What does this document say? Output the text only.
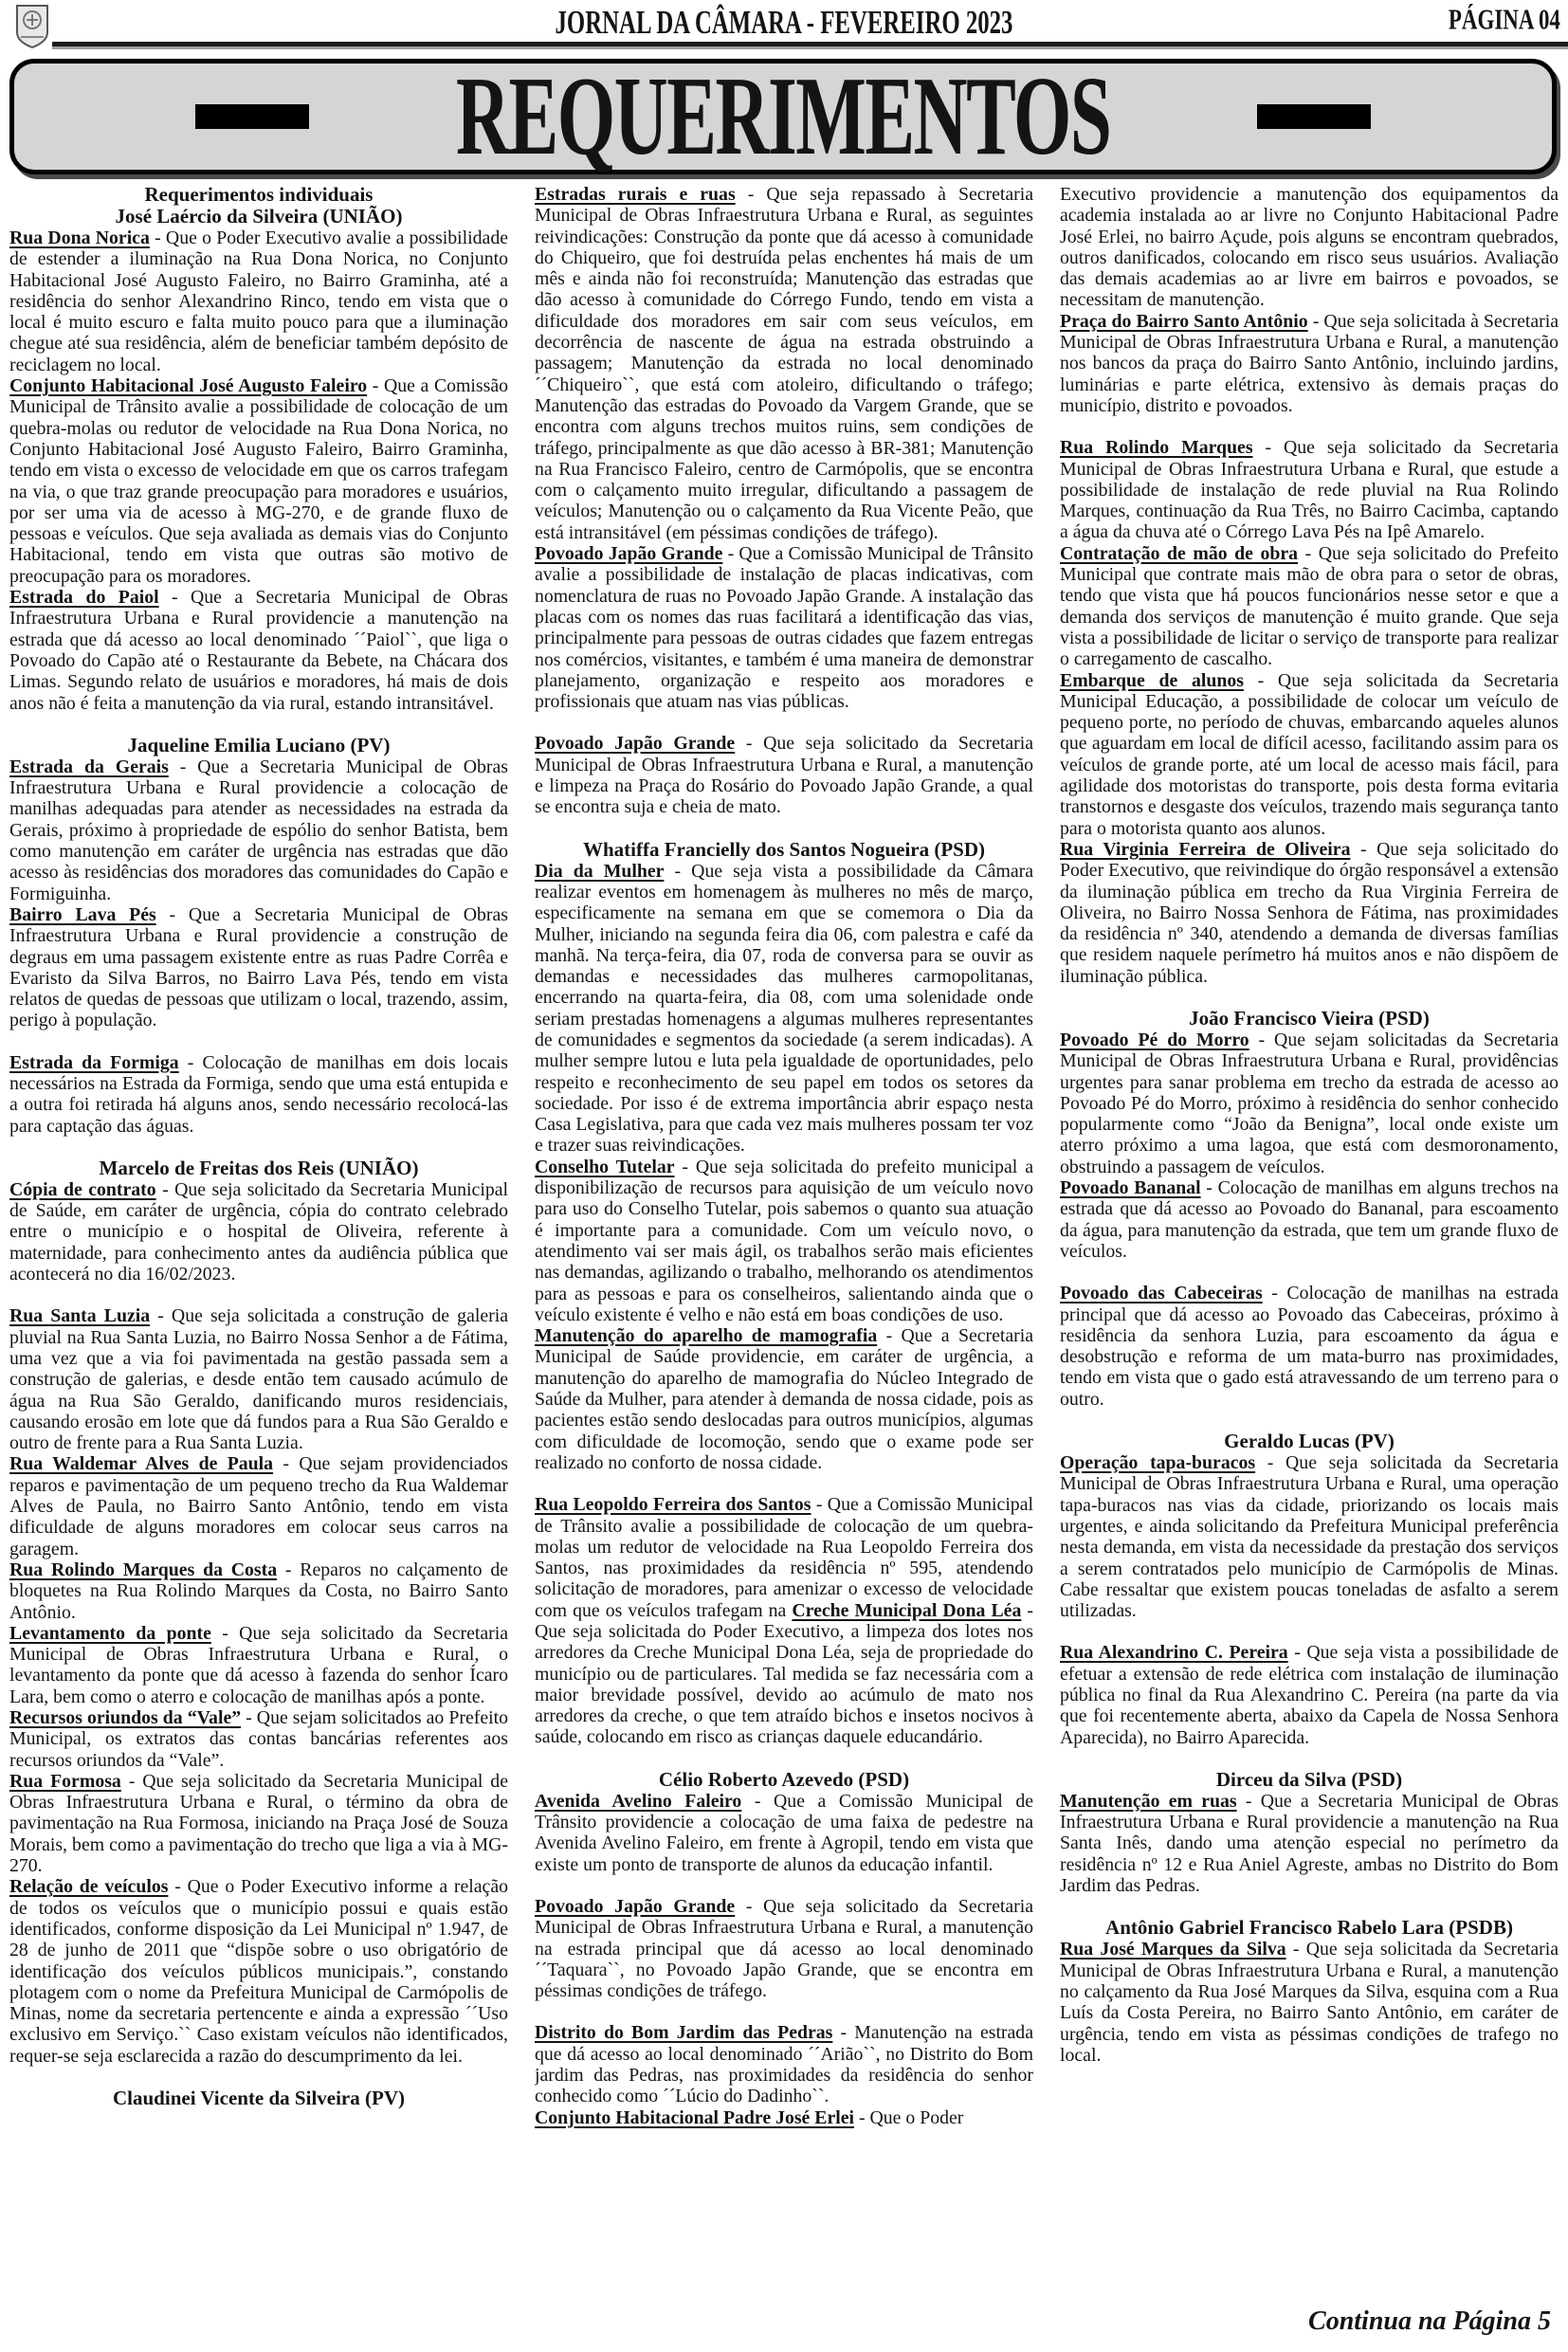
JORNAL DA CÂMARA - FEVEREIRO 2023	PÁGINA 04
REQUERIMENTOS
Requerimentos individuais
José Laércio da Silveira (UNIÃO)

Rua Dona Norica - Que o Poder Executivo avalie a possibilidade de estender a iluminação na Rua Dona Norica, no Conjunto Habitacional José Augusto Faleiro, no Bairro Graminha, até a residência do senhor Alexandrino Rinco, tendo em vista que o local é muito escuro e falta muito pouco para que a iluminação chegue até sua residência, além de beneficiar também depósito de reciclagem no local.

Conjunto Habitacional José Augusto Faleiro - Que a Comissão Municipal de Trânsito avalie a possibilidade de colocação de um quebra-molas ou redutor de velocidade na Rua Dona Norica, no Conjunto Habitacional José Augusto Faleiro, Bairro Graminha, tendo em vista o excesso de velocidade em que os carros trafegam na via, o que traz grande preocupação para moradores e usuários, por ser uma via de acesso à MG-270, e de grande fluxo de pessoas e veículos. Que seja avaliada as demais vias do Conjunto Habitacional, tendo em vista que outras são motivo de preocupação para os moradores.

Estrada do Paiol - Que a Secretaria Municipal de Obras Infraestrutura Urbana e Rural providencie a manutenção na estrada que dá acesso ao local denominado ´´Paiol``, que liga o Povoado do Capão até o Restaurante da Bebete, na Chácara dos Limas. Segundo relato de usuários e moradores, há mais de dois anos não é feita a manutenção da via rural, estando intransitável.

Jaqueline Emilia Luciano (PV)

Estrada da Gerais - Que a Secretaria Municipal de Obras Infraestrutura Urbana e Rural providencie a colocação de manilhas adequadas para atender as necessidades na estrada da Gerais, próximo à propriedade de espólio do senhor Batista, bem como manutenção em caráter de urgência nas estradas que dão acesso às residências dos moradores das comunidades do Capão e Formiguinha.

Bairro Lava Pés - Que a Secretaria Municipal de Obras Infraestrutura Urbana e Rural providencie a construção de degraus em uma passagem existente entre as ruas Padre Corrêa e Evaristo da Silva Barros, no Bairro Lava Pés, tendo em vista relatos de quedas de pessoas que utilizam o local, trazendo, assim, perigo à população.

Estrada da Formiga - Colocação de manilhas em dois locais necessários na Estrada da Formiga, sendo que uma está entupida e a outra foi retirada há alguns anos, sendo necessário recolocá-las para captação das águas.

Marcelo de Freitas dos Reis (UNIÃO)

Cópia de contrato - Que seja solicitado da Secretaria Municipal de Saúde, em caráter de urgência, cópia do contrato celebrado entre o município e o hospital de Oliveira, referente à maternidade, para conhecimento antes da audiência pública que acontecerá no dia 16/02/2023.

Rua Santa Luzia - Que seja solicitada a construção de galeria pluvial na Rua Santa Luzia, no Bairro Nossa Senhor a de Fátima, uma vez que a via foi pavimentada na gestão passada sem a construção de galerias, e desde então tem causado acúmulo de água na Rua São Geraldo, danificando muros residenciais, causando erosão em lote que dá fundos para a Rua São Geraldo e outro de frente para a Rua Santa Luzia.

Rua Waldemar Alves de Paula - Que sejam providenciados reparos e pavimentação de um pequeno trecho da Rua Waldemar Alves de Paula, no Bairro Santo Antônio, tendo em vista dificuldade de alguns moradores em colocar seus carros na garagem.

Rua Rolindo Marques da Costa - Reparos no calçamento de bloquetes na Rua Rolindo Marques da Costa, no Bairro Santo Antônio.

Levantamento da ponte - Que seja solicitado da Secretaria Municipal de Obras Infraestrutura Urbana e Rural, o levantamento da ponte que dá acesso à fazenda do senhor Ícaro Lara, bem como o aterro e colocação de manilhas após a ponte.

Recursos oriundos da “Vale” - Que sejam solicitados ao Prefeito Municipal, os extratos das contas bancárias referentes aos recursos oriundos da “Vale”.

Rua Formosa - Que seja solicitado da Secretaria Municipal de Obras Infraestrutura Urbana e Rural, o término da obra de pavimentação na Rua Formosa, iniciando na Praça José de Souza Morais, bem como a pavimentação do trecho que liga a via à MG-270.

Relação de veículos - Que o Poder Executivo informe a relação de todos os veículos que o município possui e quais estão identificados, conforme disposição da Lei Municipal nº 1.947, de 28 de junho de 2011 que “dispõe sobre o uso obrigatório de identificação dos veículos públicos municipais.”, constando plotagem com o nome da Prefeitura Municipal de Carmópolis de Minas, nome da secretaria pertencente e ainda a expressão ´´Uso exclusivo em Serviço.`` Caso existam veículos não identificados, requer-se seja esclarecida a razão do descumprimento da lei.

Claudinei Vicente da Silveira (PV)

Estradas rurais e ruas - Que seja repassado à Secretaria Municipal de Obras Infraestrutura Urbana e Rural, as seguintes reivindicações: Construção da ponte que dá acesso à comunidade do Chiqueiro, que foi destruída pelas enchentes há mais de um mês e ainda não foi reconstruída; Manutenção das estradas que dão acesso à comunidade do Córrego Fundo, tendo em vista a dificuldade dos moradores em sair com seus veículos, em decorrência de nascente de água na estrada obstruindo a passagem; Manutenção da estrada no local denominado ´´Chiqueiro``, que está com atoleiro, dificultando o tráfego; Manutenção das estradas do Povoado da Vargem Grande, que se encontra com alguns trechos muitos ruins, sem condições de tráfego, principalmente as que dão acesso à BR-381; Manutenção na Rua Francisco Faleiro, centro de Carmópolis, que se encontra com o calçamento muito irregular, dificultando a passagem de veículos; Manutenção ou o calçamento da Rua Vicente Peão, que está intransitável (em péssimas condições de tráfego).

Povoado Japão Grande - Que a Comissão Municipal de Trânsito avalie a possibilidade de instalação de placas indicativas, com nomenclatura de ruas no Povoado Japão Grande. A instalação das placas com os nomes das ruas facilitará a identificação das vias, principalmente para pessoas de outras cidades que fazem entregas nos comércios, visitantes, e também é uma maneira de demonstrar planejamento, organização e respeito aos moradores e profissionais que atuam nas vias públicas.

Povoado Japão Grande - Que seja solicitado da Secretaria Municipal de Obras Infraestrutura Urbana e Rural, a manutenção e limpeza na Praça do Rosário do Povoado Japão Grande, a qual se encontra suja e cheia de mato.

Whatiffa Francielly dos Santos Nogueira (PSD)

Dia da Mulher - Que seja vista a possibilidade da Câmara realizar eventos em homenagem às mulheres no mês de março, especificamente na semana em que se comemora o Dia da Mulher, iniciando na segunda feira dia 06, com palestra e café da manhã. Na terça-feira, dia 07, roda de conversa para se ouvir as demandas e necessidades das mulheres carmopolitanas, encerrando na quarta-feira, dia 08, com uma solenidade onde seriam prestadas homenagens a algumas mulheres representantes de comunidades e segmentos da sociedade (a serem indicadas). A mulher sempre lutou e luta pela igualdade de oportunidades, pelo respeito e reconhecimento de seu papel em todos os setores da sociedade. Por isso é de extrema importância abrir espaço nesta Casa Legislativa, para que cada vez mais mulheres possam ter voz e trazer suas reivindicações.

Conselho Tutelar - Que seja solicitada do prefeito municipal a disponibilização de recursos para aquisição de um veículo novo para uso do Conselho Tutelar, pois sabemos o quanto sua atuação é importante para a comunidade. Com um veículo novo, o atendimento vai ser mais ágil, os trabalhos serão mais eficientes nas demandas, agilizando o trabalho, melhorando os atendimentos para as pessoas e para os conselheiros, salientando ainda que o veículo existente é velho e não está em boas condições de uso.

Manutenção do aparelho de mamografia - Que a Secretaria Municipal de Saúde providencie, em caráter de urgência, a manutenção do aparelho de mamografia do Núcleo Integrado de Saúde da Mulher, para atender à demanda de nossa cidade, pois as pacientes estão sendo deslocadas para outros municípios, algumas com dificuldade de locomoção, sendo que o exame pode ser realizado no conforto de nossa cidade.

Rua Leopoldo Ferreira dos Santos - Que a Comissão Municipal de Trânsito avalie a possibilidade de colocação de um quebra-molas um redutor de velocidade na Rua Leopoldo Ferreira dos Santos, nas proximidades da residência nº 595, atendendo solicitação de moradores, para amenizar o excesso de velocidade com que os veículos trafegam na Creche Municipal Dona Léa - Que seja solicitada do Poder Executivo, a limpeza dos lotes nos arredores da Creche Municipal Dona Léa, seja de propriedade do município ou de particulares. Tal medida se faz necessária com a maior brevidade possível, devido ao acúmulo de mato nos arredores da creche, o que tem atraído bichos e insetos nocivos à saúde, colocando em risco as crianças daquele educandário.

Célio Roberto Azevedo (PSD)

Avenida Avelino Faleiro - Que a Comissão Municipal de Trânsito providencie a colocação de uma faixa de pedestre na Avenida Avelino Faleiro, em frente à Agropil, tendo em vista que existe um ponto de transporte de alunos da educação infantil.

Povoado Japão Grande - Que seja solicitado da Secretaria Municipal de Obras Infraestrutura Urbana e Rural, a manutenção na estrada principal que dá acesso ao local denominado ´´Taquara``, no Povoado Japão Grande, que se encontra em péssimas condições de tráfego.

Distrito do Bom Jardim das Pedras - Manutenção na estrada que dá acesso ao local denominado ´´Arião``, no Distrito do Bom jardim das Pedras, nas proximidades da residência do senhor conhecido como ´´Lúcio do Dadinho``.

Conjunto Habitacional Padre José Erlei - Que o Poder

Executivo providencie a manutenção dos equipamentos da academia instalada ao ar livre no Conjunto Habitacional Padre José Erlei, no bairro Açude, pois alguns se encontram quebrados, outros danificados, colocando em risco seus usuários. Avaliação das demais academias ao ar livre em bairros e povoados, se necessitam de manutenção.

Praça do Bairro Santo Antônio - Que seja solicitada à Secretaria Municipal de Obras Infraestrutura Urbana e Rural, a manutenção nos bancos da praça do Bairro Santo Antônio, incluindo jardins, luminárias e parte elétrica, extensivo às demais praças do município, distrito e povoados.

Rua Rolindo Marques - Que seja solicitado da Secretaria Municipal de Obras Infraestrutura Urbana e Rural, que estude a possibilidade de instalação de rede pluvial na Rua Rolindo Marques, continuação da Rua Três, no Bairro Cacimba, captando a água da chuva até o Córrego Lava Pés na Ipê Amarelo.

Contratação de mão de obra - Que seja solicitado do Prefeito Municipal que contrate mais mão de obra para o setor de obras, tendo que vista que há poucos funcionários nesse setor e que a demanda dos serviços de manutenção é muito grande. Que seja vista a possibilidade de licitar o serviço de transporte para realizar o carregamento de cascalho.

Embarque de alunos - Que seja solicitada da Secretaria Municipal Educação, a possibilidade de colocar um veículo de pequeno porte, no período de chuvas, embarcando aqueles alunos que aguardam em local de difícil acesso, facilitando assim para os veículos de grande porte, até um local de acesso mais fácil, para agilidade dos motoristas do transporte, pois desta forma evitaria transtornos e desgaste dos veículos, trazendo mais segurança tanto para o motorista quanto aos alunos.

Rua Virginia Ferreira de Oliveira - Que seja solicitado do Poder Executivo, que reivindique do órgão responsável a extensão da iluminação pública em trecho da Rua Virginia Ferreira de Oliveira, no Bairro Nossa Senhora de Fátima, nas proximidades da residência nº 340, atendendo a demanda de diversas famílias que residem naquele perímetro há muitos anos e não dispõem de iluminação pública.

João Francisco Vieira (PSD)

Povoado Pé do Morro - Que sejam solicitadas da Secretaria Municipal de Obras Infraestrutura Urbana e Rural, providências urgentes para sanar problema em trecho da estrada de acesso ao Povoado Pé do Morro, próximo à residência do senhor conhecido popularmente como “João da Benigna”, local onde existe um aterro próximo a uma lagoa, que está com desmoronamento, obstruindo a passagem de veículos.

Povoado Bananal - Colocação de manilhas em alguns trechos na estrada que dá acesso ao Povoado do Bananal, para escoamento da água, para manutenção da estrada, que tem um grande fluxo de veículos.

Povoado das Cabeceiras - Colocação de manilhas na estrada principal que dá acesso ao Povoado das Cabeceiras, próximo à residência da senhora Luzia, para escoamento da água e desobstrução e reforma de um mata-burro nas proximidades, tendo em vista que o gado está atravessando de um terreno para o outro.

Geraldo Lucas (PV)

Operação tapa-buracos - Que seja solicitada da Secretaria Municipal de Obras Infraestrutura Urbana e Rural, uma operação tapa-buracos nas vias da cidade, priorizando os locais mais urgentes, e ainda solicitando da Prefeitura Municipal preferência nesta demanda, em vista da necessidade da prestação dos serviços a serem contratados pelo município de Carmópolis de Minas. Cabe ressaltar que existem poucas toneladas de asfalto a serem utilizadas.

Rua Alexandrino C. Pereira - Que seja vista a possibilidade de efetuar a extensão de rede elétrica com instalação de iluminação pública no final da Rua Alexandrino C. Pereira (na parte da via que foi recentemente aberta, abaixo da Capela de Nossa Senhora Aparecida), no Bairro Aparecida.

Dirceu da Silva (PSD)

Manutenção em ruas - Que a Secretaria Municipal de Obras Infraestrutura Urbana e Rural providencie a manutenção na Rua Santa Inês, dando uma atenção especial no perímetro da residência nº 12 e Rua Aniel Agreste, ambas no Distrito do Bom Jardim das Pedras.

Antônio Gabriel Francisco Rabelo Lara (PSDB)

Rua José Marques da Silva - Que seja solicitada da Secretaria Municipal de Obras Infraestrutura Urbana e Rural, a manutenção no calçamento da Rua José Marques da Silva, esquina com a Rua Luís da Costa Pereira, no Bairro Santo Antônio, em caráter de urgência, tendo em vista as péssimas condições de trafego no local.

Continua na Página 5
